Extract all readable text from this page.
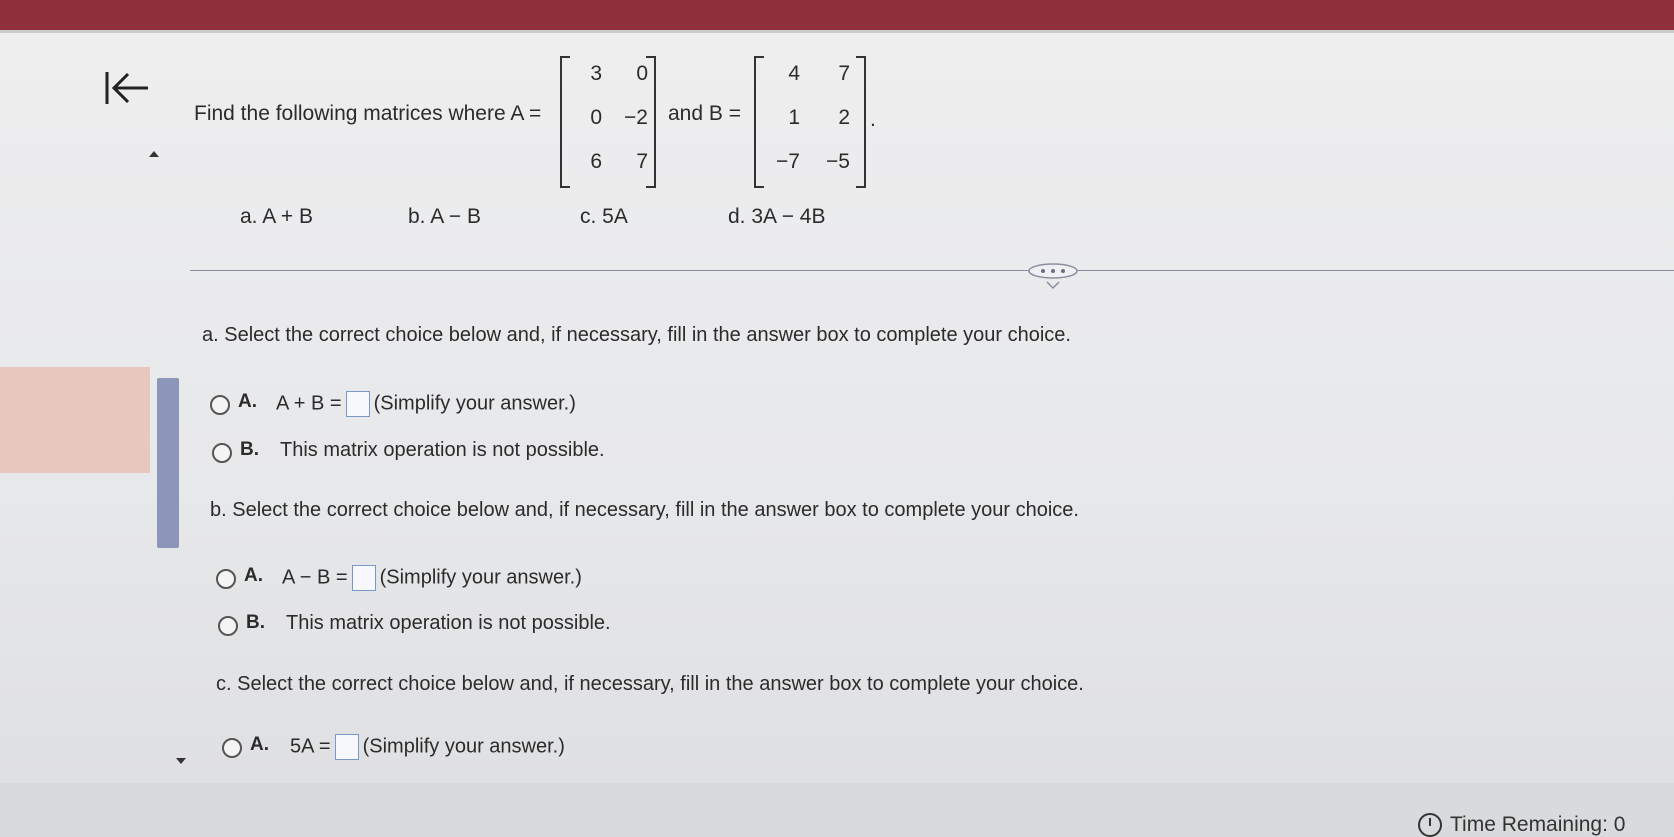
Find the following matrices where A =
3	0
0	−2
6	7
and B =
4	7
1	2
−7	−5
.
a. A + B	b. A − B	c. 5A	d. 3A − 4B
a. Select the correct choice below and, if necessary, fill in the answer box to complete your choice.
A. A + B = (Simplify your answer.)
B. This matrix operation is not possible.
b. Select the correct choice below and, if necessary, fill in the answer box to complete your choice.
A. A − B = (Simplify your answer.)
B. This matrix operation is not possible.
c. Select the correct choice below and, if necessary, fill in the answer box to complete your choice.
A. 5A = (Simplify your answer.)
Time Remaining: 0
